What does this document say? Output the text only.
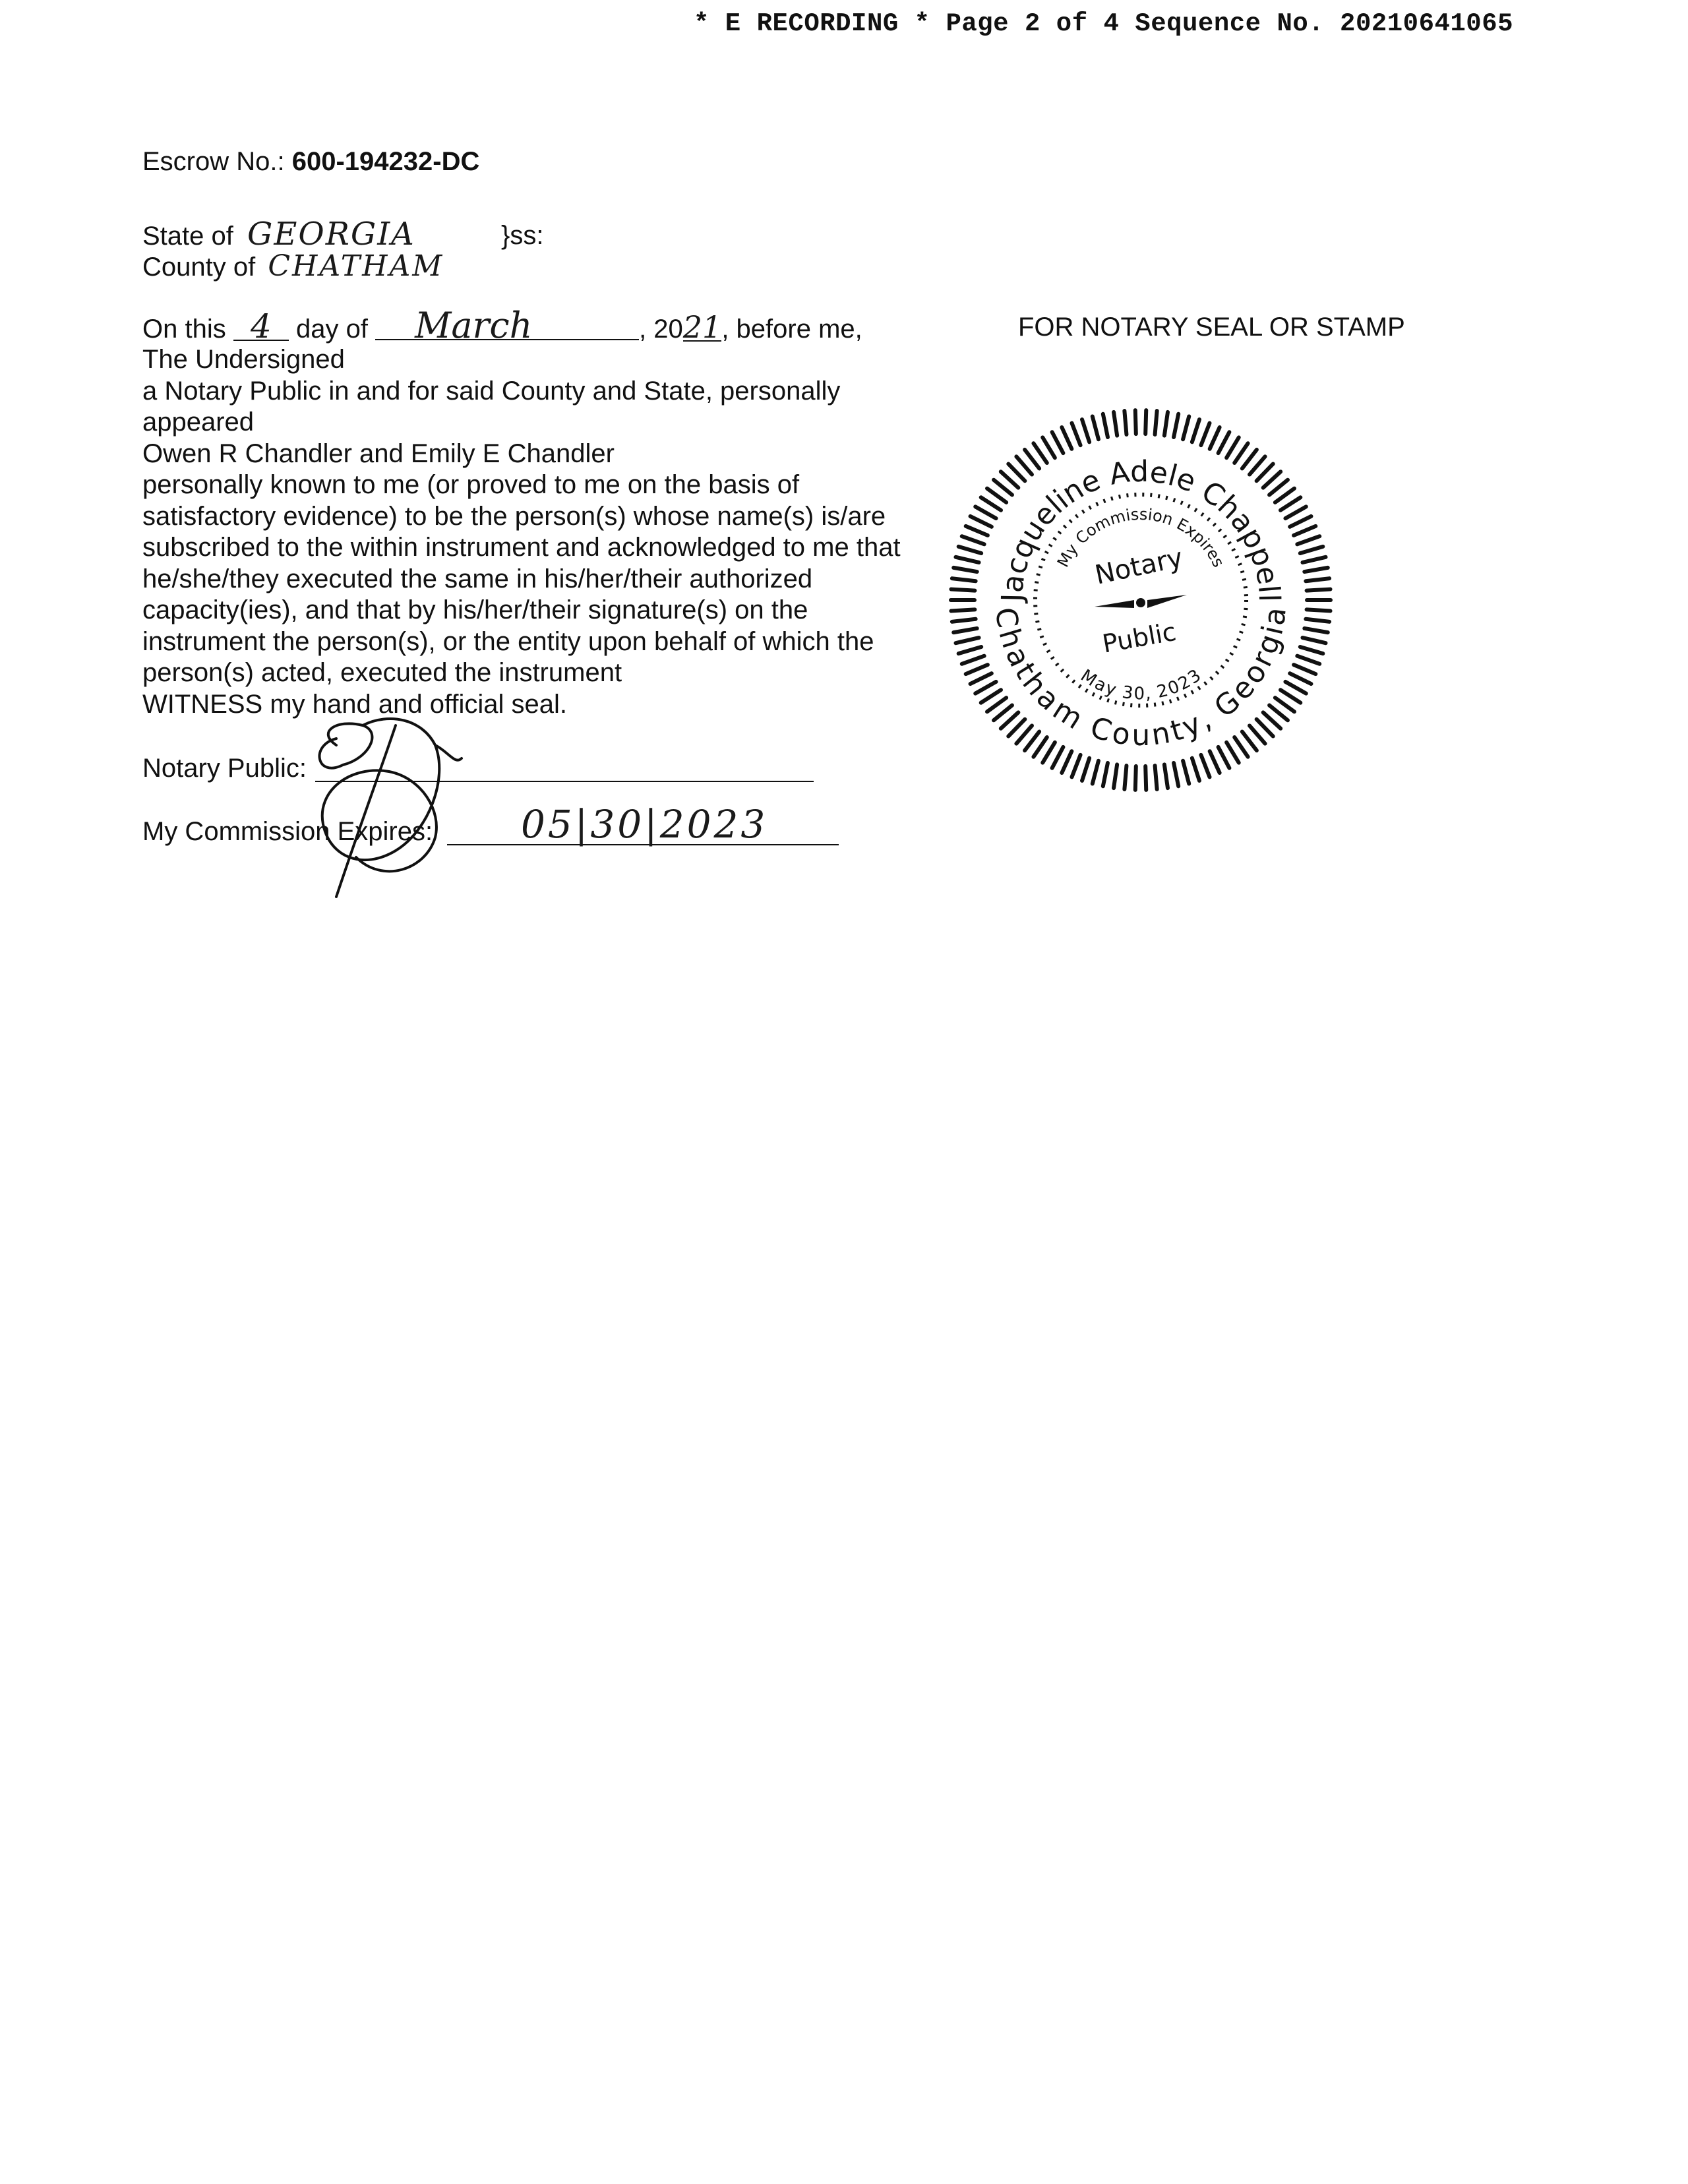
* E RECORDING * Page 2 of 4 Sequence No. 20210641065
Escrow No.: 600-194232-DC
State of GEORGIA	}ss:
County of CHATHAM
On this 4 day of March	, 2021, before me,
The Undersigned
a Notary Public in and for said County and State, personally
appeared
Owen R Chandler and Emily E Chandler
personally known to me (or proved to me on the basis of
satisfactory evidence) to be the person(s) whose name(s) is/are
subscribed to the within instrument and acknowledged to me that
he/she/they executed the same in his/her/their authorized
capacity(ies), and that by his/her/their signature(s) on the
instrument the person(s), or the entity upon behalf of which the
person(s) acted, executed the instrument
WITNESS my hand and official seal.
Notary Public:
My Commission Expires: 05|30|2023
FOR NOTARY SEAL OR STAMP
Jacqueline Adele Chappell
Chatham County, Georgia
My Commission Expires
May 30, 2023
Notary
Public
